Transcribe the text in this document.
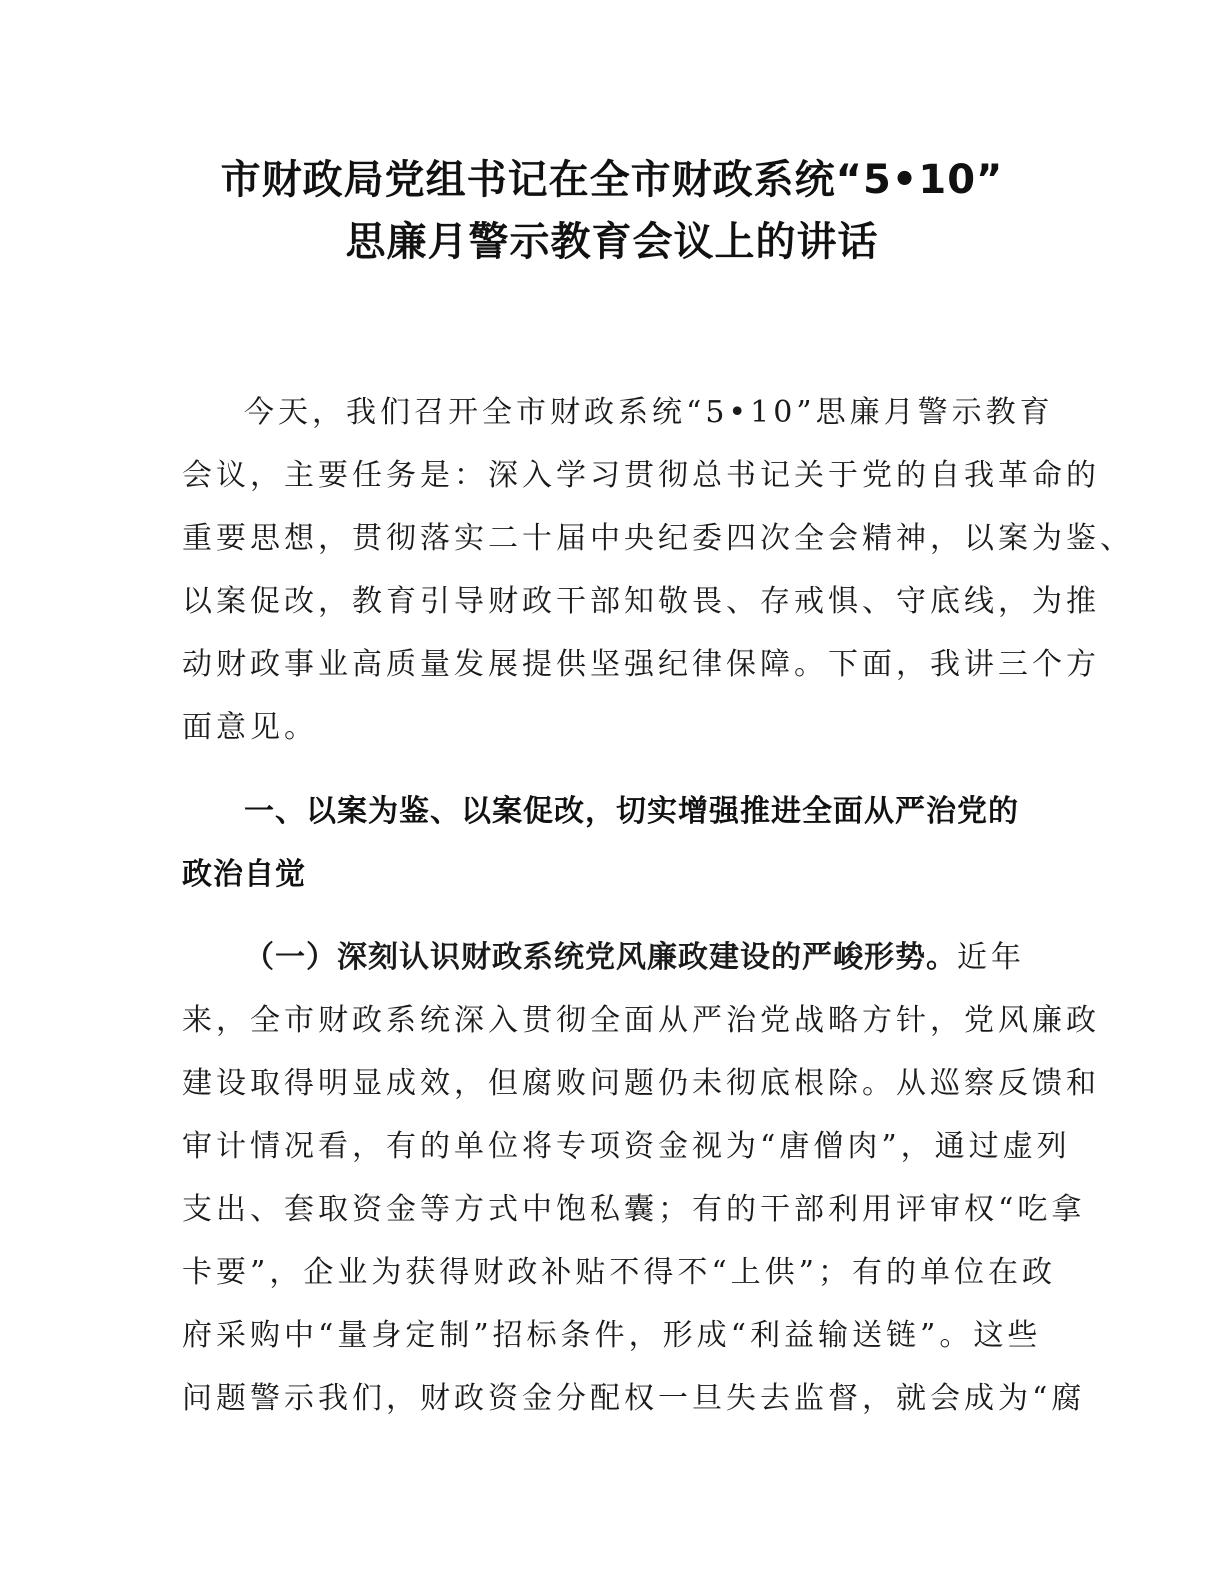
市财政局党组书记在全市财政系统“5•10”
思廉月警示教育会议上的讲话
今天，我们召开全市财政系统“5•10”思廉月警示教育
会议，主要任务是：深入学习贯彻总书记关于党的自我革命的
重要思想，贯彻落实二十届中央纪委四次全会精神，以案为鉴、
以案促改，教育引导财政干部知敬畏、存戒惧、守底线，为推
动财政事业高质量发展提供坚强纪律保障。下面，我讲三个方
面意见。
一、以案为鉴、以案促改，切实增强推进全面从严治党的
政治自觉
（一）深刻认识财政系统党风廉政建设的严峻形势。近年
来，全市财政系统深入贯彻全面从严治党战略方针，党风廉政
建设取得明显成效，但腐败问题仍未彻底根除。从巡察反馈和
审计情况看，有的单位将专项资金视为“唐僧肉”，通过虚列
支出、套取资金等方式中饱私囊；有的干部利用评审权“吃拿
卡要”，企业为获得财政补贴不得不“上供”；有的单位在政
府采购中“量身定制”招标条件，形成“利益输送链”。这些
问题警示我们，财政资金分配权一旦失去监督，就会成为“腐
